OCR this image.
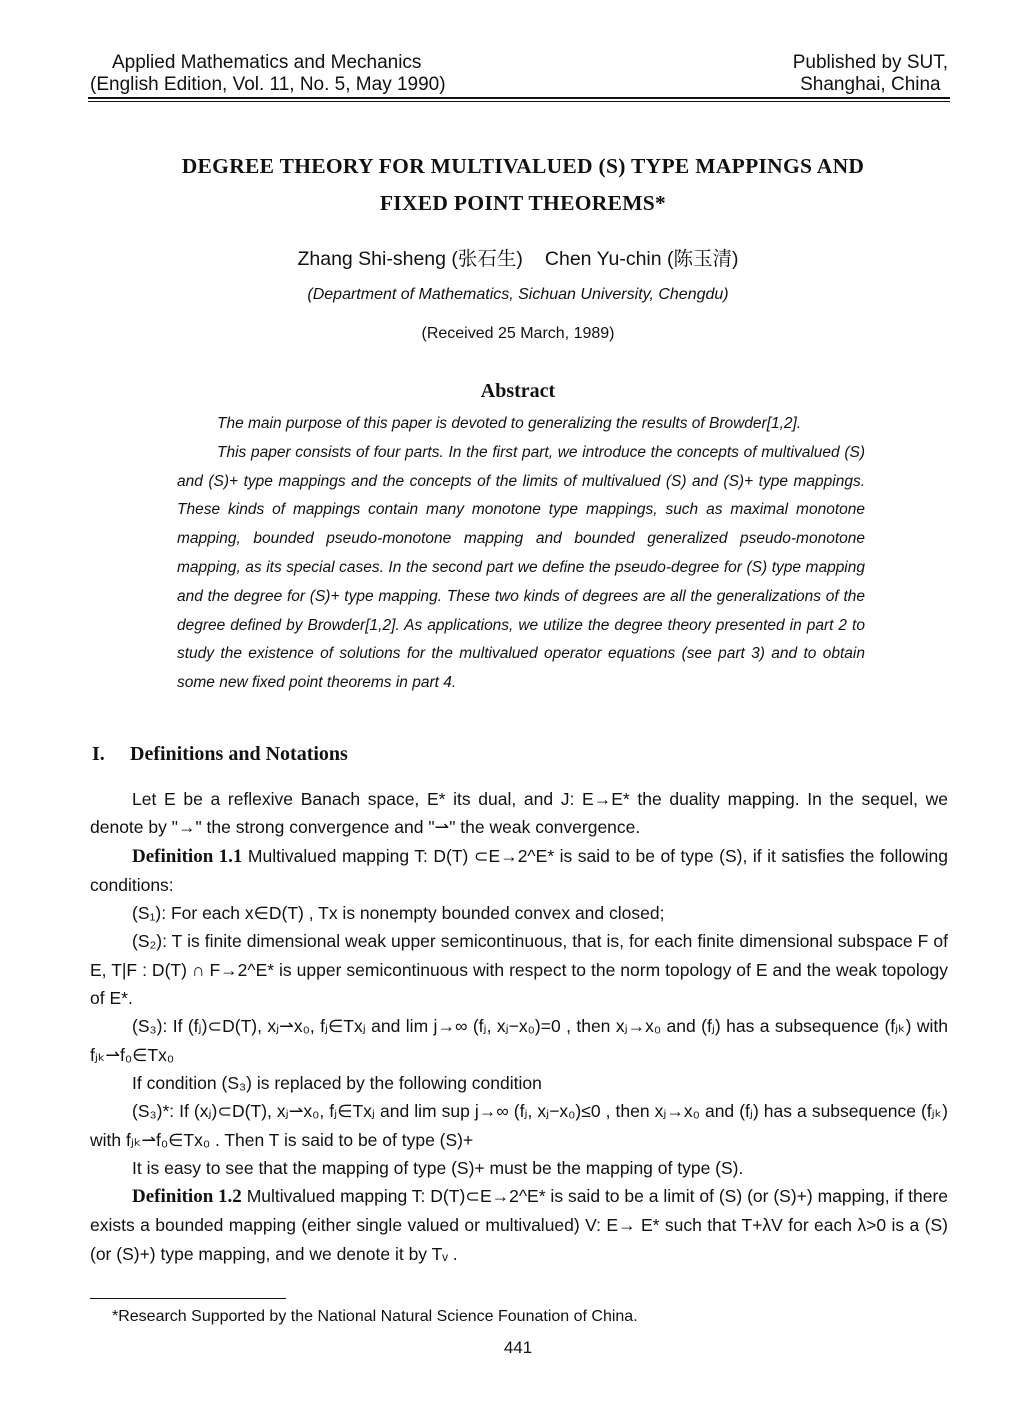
Applied Mathematics and Mechanics
(English Edition, Vol. 11, No. 5, May 1990)
Published by SUT,
Shanghai, China
DEGREE THEORY FOR MULTIVALUED (S) TYPE MAPPINGS AND
FIXED POINT THEOREMS*
Zhang Shi-sheng (张石生) Chen Yu-chin (陈玉清)
(Department of Mathematics, Sichuan University, Chengdu)
(Received 25 March, 1989)
Abstract

The main purpose of this paper is devoted to generalizing the results of Browder[1,2].

This paper consists of four parts. In the first part, we introduce the concepts of multivalued (S) and (S)+ type mappings and the concepts of the limits of multivalued (S) and (S)+ type mappings. These kinds of mappings contain many monotone type mappings, such as maximal monotone mapping, bounded pseudo-monotone mapping and bounded generalized pseudo-monotone mapping, as its special cases. In the second part we define the pseudo-degree for (S) type mapping and the degree for (S)+ type mapping. These two kinds of degrees are all the generalizations of the degree defined by Browder[1,2]. As applications, we utilize the degree theory presented in part 2 to study the existence of solutions for the multivalued operator equations (see part 3) and to obtain some new fixed point theorems in part 4.

I. Definitions and Notations

Let E be a reflexive Banach space, E* its dual, and J: E→E* the duality mapping. In the sequel, we denote by "→" the strong convergence and "⇀" the weak convergence.

Definition 1.1 Multivalued mapping T: D(T) ⊂E→2^E* is said to be of type (S), if it satisfies the following conditions:

(S₁): For each x∈D(T) , Tx is nonempty bounded convex and closed;

(S₂): T is finite dimensional weak upper semicontinuous, that is, for each finite dimensional subspace F of E, T|F : D(T) ∩ F→2^E* is upper semicontinuous with respect to the norm topology of E and the weak topology of E*.

(S₃): If (fⱼ)⊂D(T), xⱼ⇀x₀, fⱼ∈Txⱼ and lim j→∞ (fⱼ, xⱼ−x₀)=0 , then xⱼ→x₀ and (fⱼ) has a subsequence (fⱼₖ) with fⱼₖ⇀f₀∈Tx₀

If condition (S₃) is replaced by the following condition

(S₃)*: If (xⱼ)⊂D(T), xⱼ⇀x₀, fⱼ∈Txⱼ and lim sup j→∞ (fⱼ, xⱼ−x₀)≤0 , then xⱼ→x₀ and (fⱼ) has a subsequence (fⱼₖ) with fⱼₖ⇀f₀∈Tx₀ . Then T is said to be of type (S)+

It is easy to see that the mapping of type (S)+ must be the mapping of type (S).

Definition 1.2 Multivalued mapping T: D(T)⊂E→2^E* is said to be a limit of (S) (or (S)+) mapping, if there exists a bounded mapping (either single valued or multivalued) V: E→ E* such that T+λV for each λ>0 is a (S) (or (S)+) type mapping, and we denote it by Tᵥ .

*Research Supported by the National Natural Science Founation of China.
441
